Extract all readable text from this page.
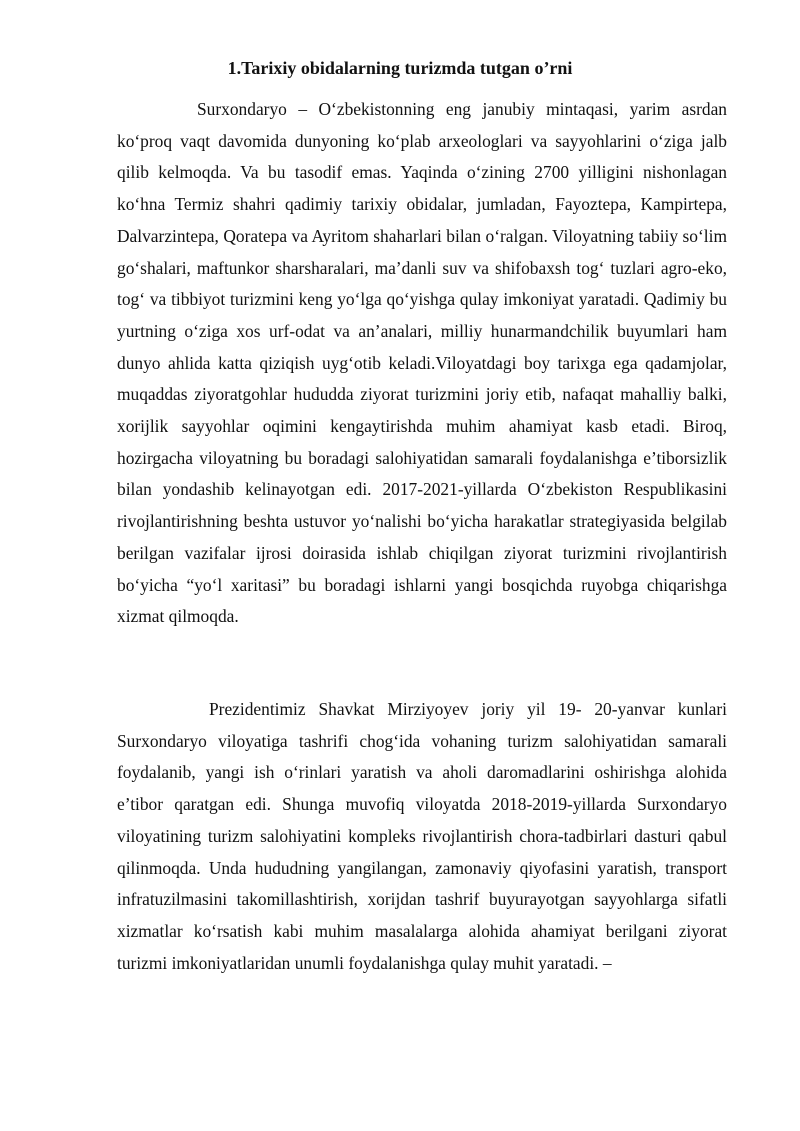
1.Tarixiy obidalarning turizmda tutgan o’rni

Surxondaryo – O‘zbekistonning eng janubiy mintaqasi, yarim asrdan ko‘proq vaqt davomida dunyoning ko‘plab arxeologlari va sayyohlarini o‘ziga jalb qilib kelmoqda. Va bu tasodif emas. Yaqinda o‘zining 2700 yilligini nishonlagan ko‘hna Termiz shahri qadimiy tarixiy obidalar, jumladan, Fayoztepa, Kampirtepa, Dalvarzintepa, Qoratepa va Ayritom shaharlari bilan o‘ralgan. Viloyatning tabiiy so‘lim go‘shalari, maftunkor sharsharalari, ma’danli suv va shifobaxsh tog‘ tuzlari agro-eko, tog‘ va tibbiyot turizmini keng yo‘lga qo‘yishga qulay imkoniyat yaratadi. Qadimiy bu yurtning o‘ziga xos urf-odat va an’analari, milliy hunarmandchilik buyumlari ham dunyo ahlida katta qiziqish uyg‘otib keladi.Viloyatdagi boy tarixga ega qadamjolar, muqaddas ziyoratgohlar hududda ziyorat turizmini joriy etib, nafaqat mahalliy balki, xorijlik sayyohlar oqimini kengaytirishda muhim ahamiyat kasb etadi. Biroq, hozirgacha viloyatning bu boradagi salohiyatidan samarali foydalanishga e’tiborsizlik bilan yondashib kelinayotgan edi. 2017-2021-yillarda O‘zbekiston Respublikasini rivojlantirishning beshta ustuvor yo‘nalishi bo‘yicha harakatlar strategiyasida belgilab berilgan vazifalar ijrosi doirasida ishlab chiqilgan ziyorat turizmini rivojlantirish bo‘yicha “yo‘l xaritasi” bu boradagi ishlarni yangi bosqichda ruyobga chiqarishga xizmat qilmoqda.

Prezidentimiz Shavkat Mirziyoyev joriy yil 19- 20-yanvar kunlari Surxondaryo viloyatiga tashrifi chog‘ida vohaning turizm salohiyatidan samarali foydalanib, yangi ish o‘rinlari yaratish va aholi daromadlarini oshirishga alohida e’tibor qaratgan edi. Shunga muvofiq viloyatda 2018-2019-yillarda Surxondaryo viloyatining turizm salohiyatini kompleks rivojlantirish chora-tadbirlari dasturi qabul qilinmoqda. Unda hududning yangilangan, zamonaviy qiyofasini yaratish, transport infratuzilmasini takomillashtirish, xorijdan tashrif buyurayotgan sayyohlarga sifatli xizmatlar ko‘rsatish kabi muhim masalalarga alohida ahamiyat berilgani ziyorat turizmi imkoniyatlaridan unumli foydalanishga qulay muhit yaratadi. –
